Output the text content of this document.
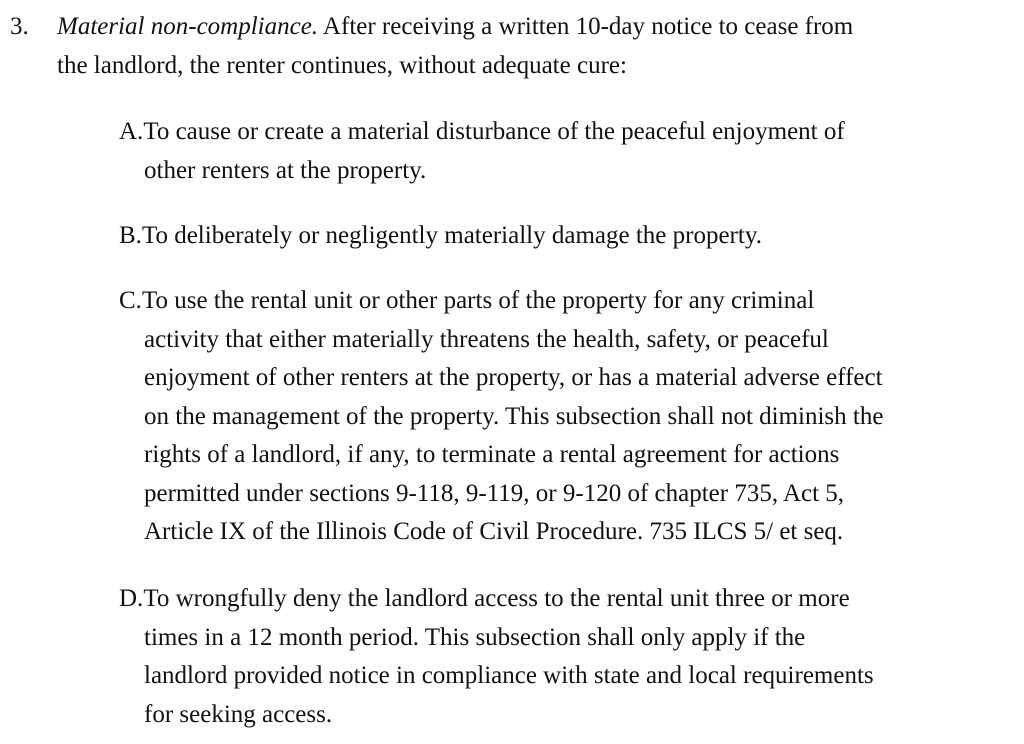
3. Material non-compliance. After receiving a written 10-day notice to cease from
the landlord, the renter continues, without adequate cure:
A.To cause or create a material disturbance of the peaceful enjoyment of
other renters at the property.
B.To deliberately or negligently materially damage the property.
C.To use the rental unit or other parts of the property for any criminal
activity that either materially threatens the health, safety, or peaceful
enjoyment of other renters at the property, or has a material adverse effect
on the management of the property. This subsection shall not diminish the
rights of a landlord, if any, to terminate a rental agreement for actions
permitted under sections 9-118, 9-119, or 9-120 of chapter 735, Act 5,
Article IX of the Illinois Code of Civil Procedure. 735 ILCS 5/ et seq.
D.To wrongfully deny the landlord access to the rental unit three or more
times in a 12 month period. This subsection shall only apply if the
landlord provided notice in compliance with state and local requirements
for seeking access.
